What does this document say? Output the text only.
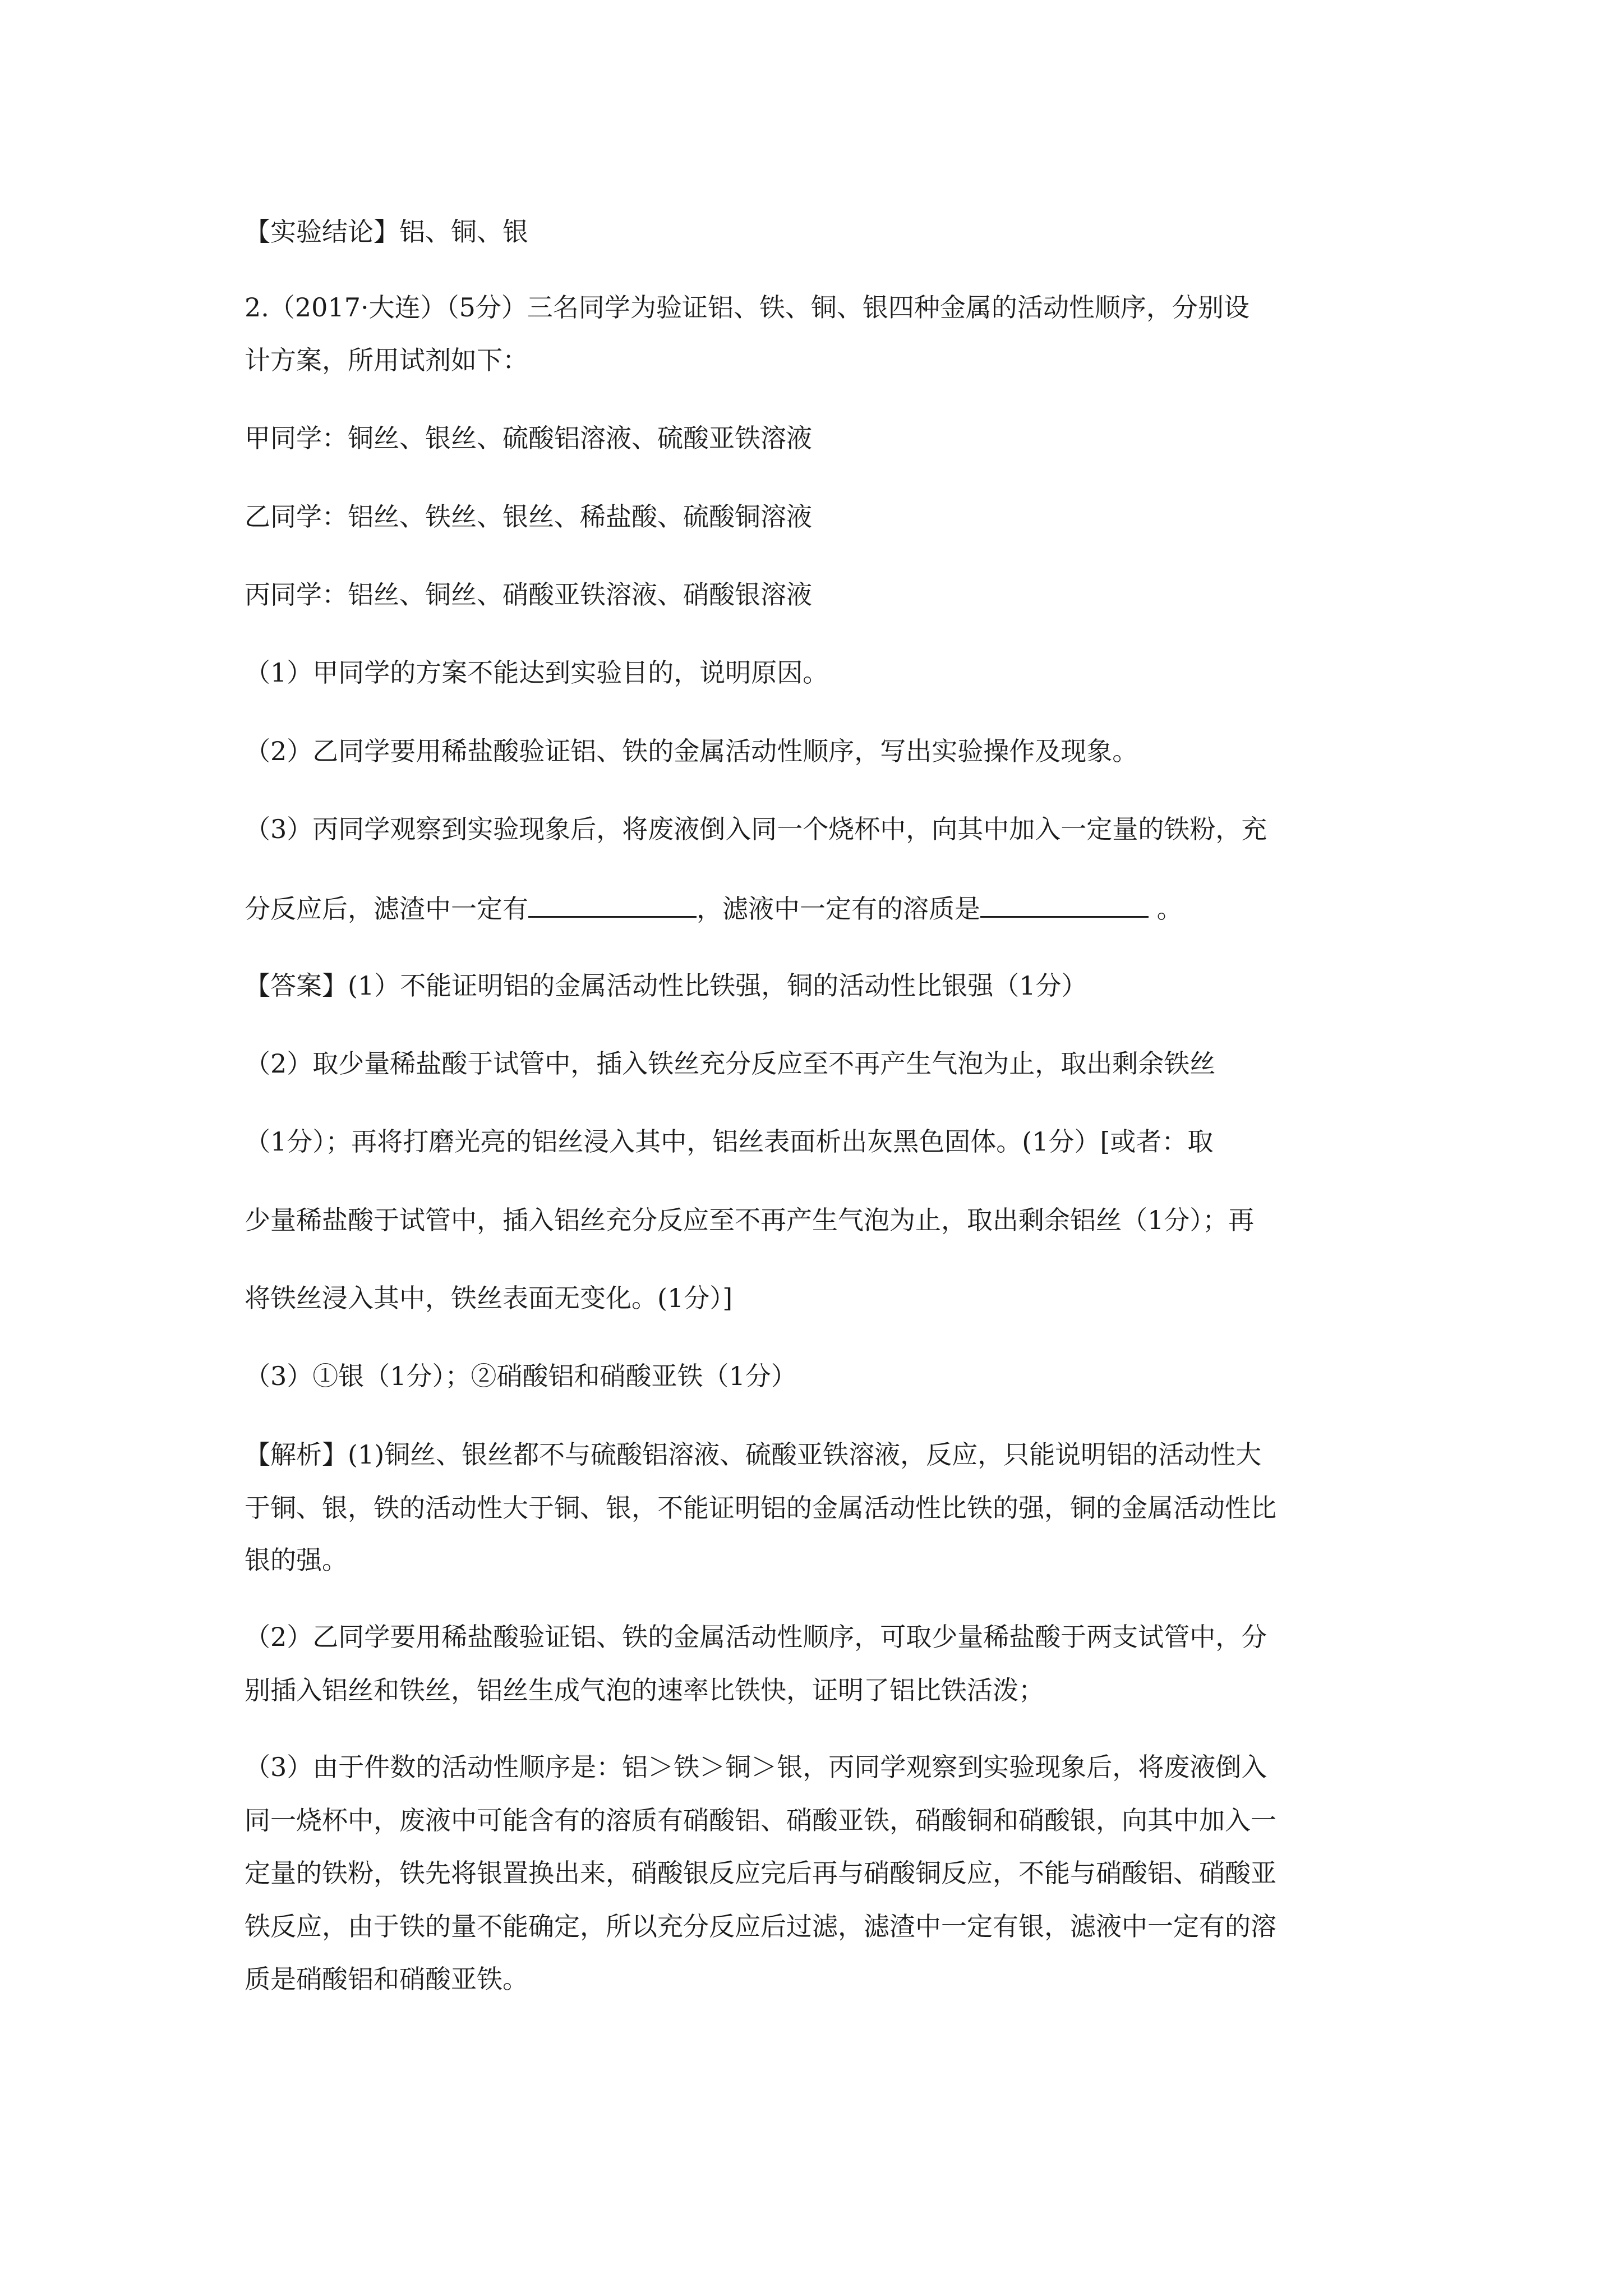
【实验结论】铝、铜、银
2.（2017·大连）（5分）三名同学为验证铝、铁、铜、银四种金属的活动性顺序，分别设
计方案，所用试剂如下：
甲同学：铜丝、银丝、硫酸铝溶液、硫酸亚铁溶液
乙同学：铝丝、铁丝、银丝、稀盐酸、硫酸铜溶液
丙同学：铝丝、铜丝、硝酸亚铁溶液、硝酸银溶液
（1）甲同学的方案不能达到实验目的，说明原因。
（2）乙同学要用稀盐酸验证铝、铁的金属活动性顺序，写出实验操作及现象。
（3）丙同学观察到实验现象后，将废液倒入同一个烧杯中，向其中加入一定量的铁粉，充
分反应后，滤渣中一定有	，滤液中一定有的溶质是	。
【答案】(1）不能证明铝的金属活动性比铁强，铜的活动性比银强（1分）
（2）取少量稀盐酸于试管中，插入铁丝充分反应至不再产生气泡为止，取出剩余铁丝
（1分）；再将打磨光亮的铝丝浸入其中，铝丝表面析出灰黑色固体。(1分）[或者：取
少量稀盐酸于试管中，插入铝丝充分反应至不再产生气泡为止，取出剩余铝丝（1分）；再
将铁丝浸入其中，铁丝表面无变化。(1分）]
（3）①银（1分）；②硝酸铝和硝酸亚铁（1分）
【解析】(1)铜丝、银丝都不与硫酸铝溶液、硫酸亚铁溶液，反应，只能说明铝的活动性大
于铜、银，铁的活动性大于铜、银，不能证明铝的金属活动性比铁的强，铜的金属活动性比
银的强。
（2）乙同学要用稀盐酸验证铝、铁的金属活动性顺序，可取少量稀盐酸于两支试管中，分
别插入铝丝和铁丝，铝丝生成气泡的速率比铁快，证明了铝比铁活泼；
（3）由于件数的活动性顺序是：铝＞铁＞铜＞银，丙同学观察到实验现象后，将废液倒入
同一烧杯中，废液中可能含有的溶质有硝酸铝、硝酸亚铁，硝酸铜和硝酸银，向其中加入一
定量的铁粉，铁先将银置换出来，硝酸银反应完后再与硝酸铜反应，不能与硝酸铝、硝酸亚
铁反应，由于铁的量不能确定，所以充分反应后过滤，滤渣中一定有银，滤液中一定有的溶
质是硝酸铝和硝酸亚铁。
